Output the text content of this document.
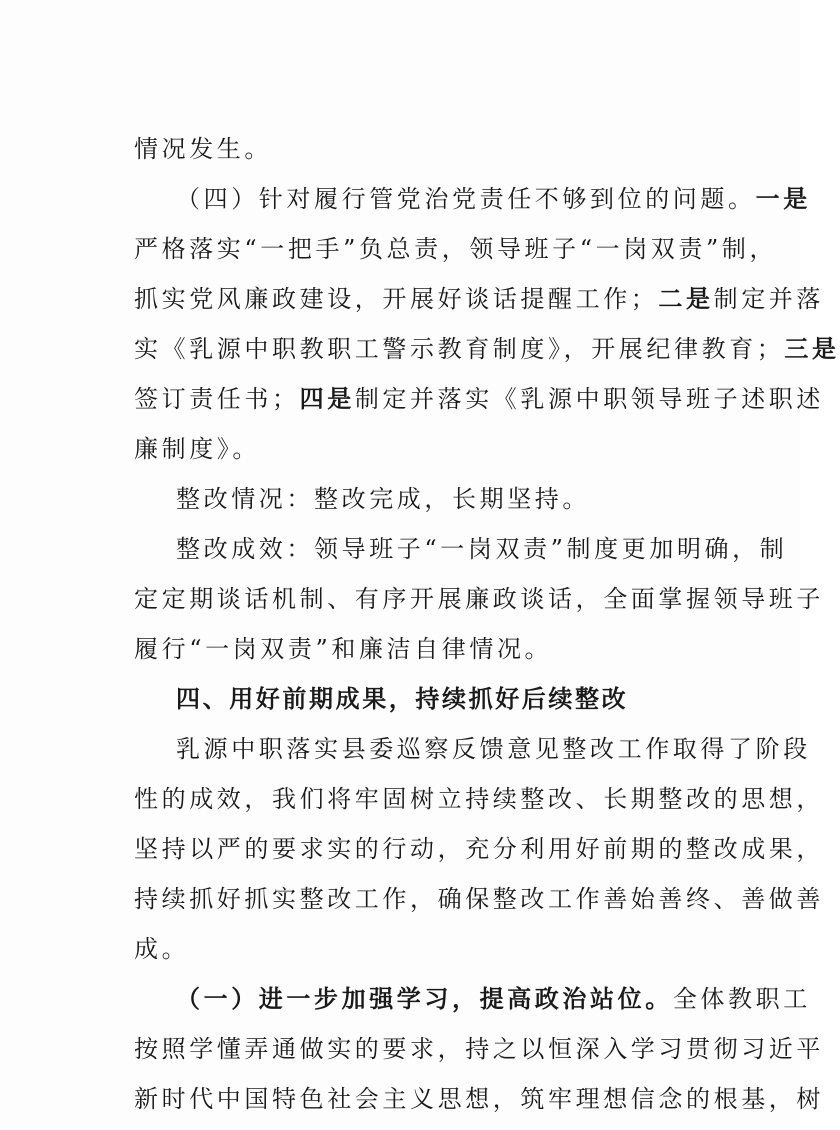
情况发生。
（四）针对履行管党治党责任不够到位的问题。一是
严格落实“一把手”负总责，领导班子“一岗双责”制，
抓实党风廉政建设，开展好谈话提醒工作；二是制定并落
实《乳源中职教职工警示教育制度》，开展纪律教育；三是
签订责任书；四是制定并落实《乳源中职领导班子述职述
廉制度》。
整改情况：整改完成，长期坚持。
整改成效：领导班子“一岗双责”制度更加明确，制
定定期谈话机制、有序开展廉政谈话，全面掌握领导班子
履行“一岗双责”和廉洁自律情况。
四、用好前期成果，持续抓好后续整改
乳源中职落实县委巡察反馈意见整改工作取得了阶段
性的成效，我们将牢固树立持续整改、长期整改的思想，
坚持以严的要求实的行动，充分利用好前期的整改成果，
持续抓好抓实整改工作，确保整改工作善始善终、善做善
成。
（一）进一步加强学习，提高政治站位。全体教职工
按照学懂弄通做实的要求，持之以恒深入学习贯彻习近平
新时代中国特色社会主义思想，筑牢理想信念的根基，树
